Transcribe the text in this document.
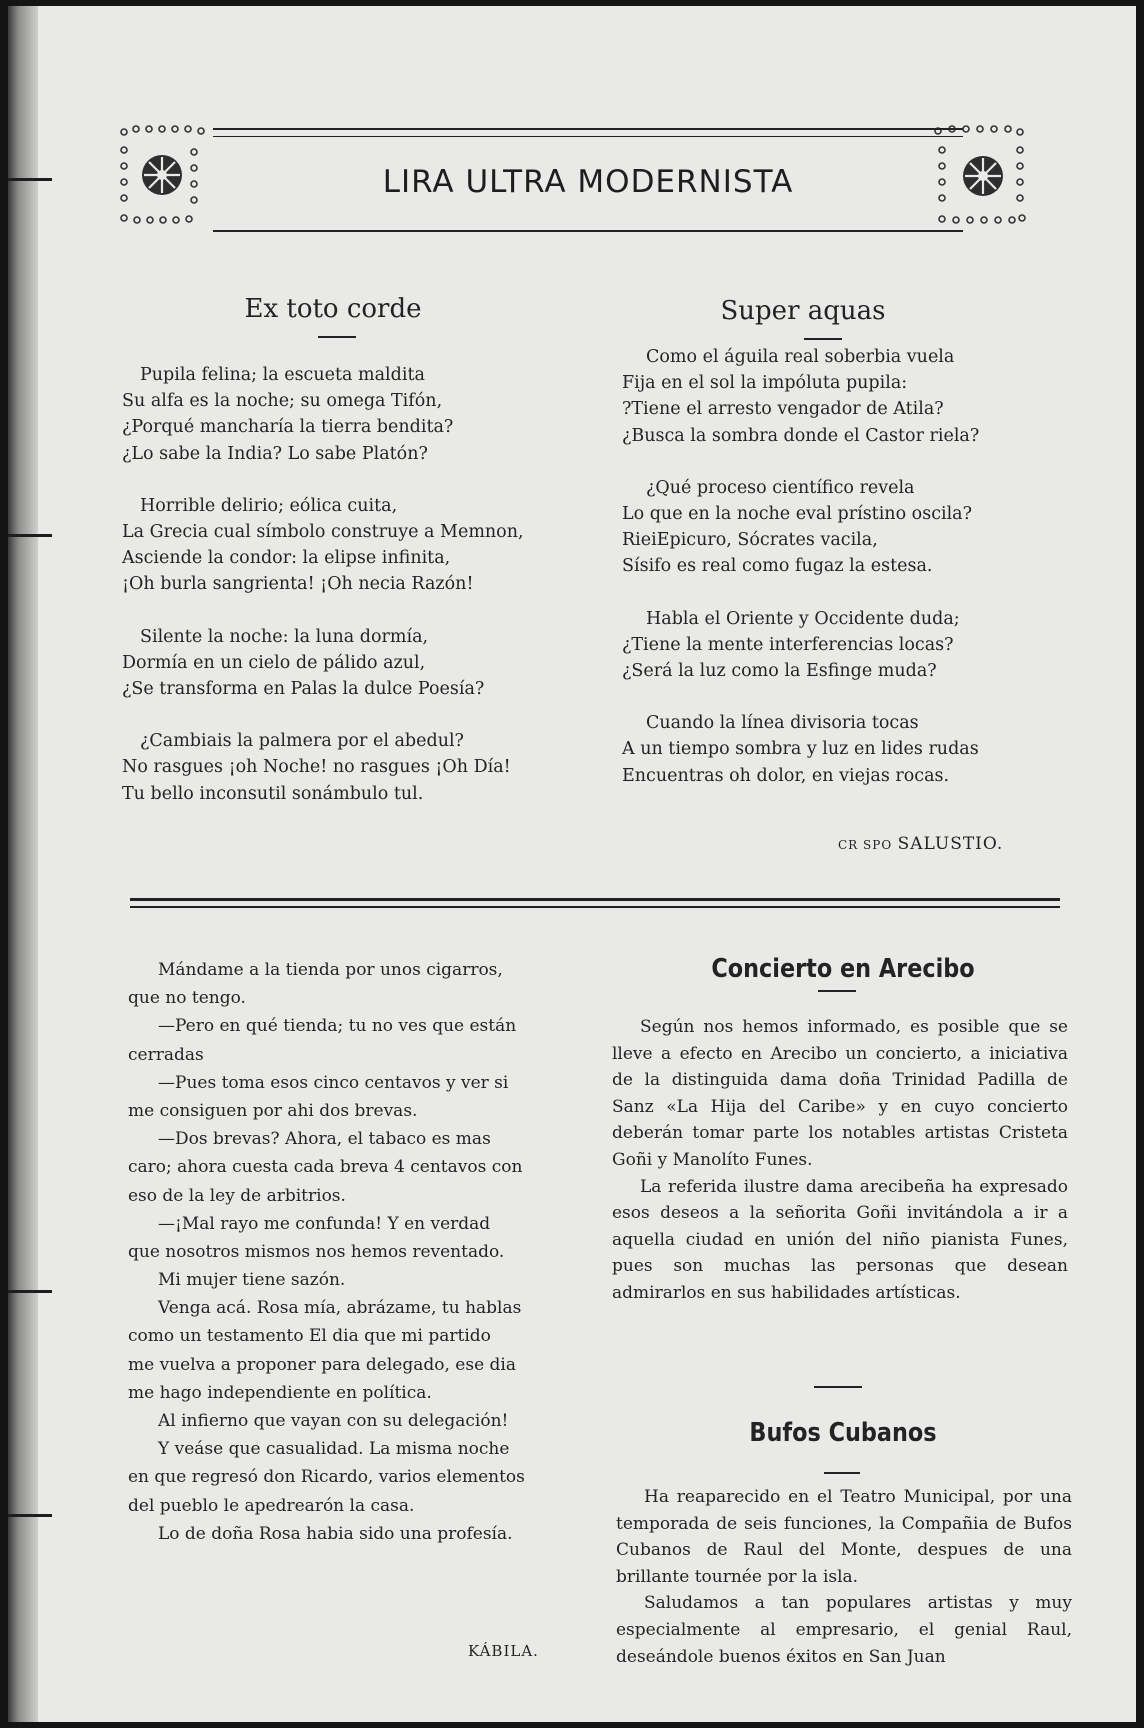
LIRA ULTRA MODERNISTA
Ex toto corde
Pupila felina; la escueta maldita
Su alfa es la noche; su omega Tifón,
¿Porqué mancharía la tierra bendita?
¿Lo sabe la India? Lo sabe Platón?
Horrible delirio; eólica cuita,
La Grecia cual símbolo construye a Memnon,
Asciende la condor: la elipse infinita,
¡Oh burla sangrienta! ¡Oh necia Razón!
Silente la noche: la luna dormía,
Dormía en un cielo de pálido azul,
¿Se transforma en Palas la dulce Poesía?
¿Cambiais la palmera por el abedul?
No rasgues ¡oh Noche! no rasgues ¡Oh Día!
Tu bello inconsutil sonámbulo tul.
Super aquas
Como el águila real soberbia vuela
Fija en el sol la impóluta pupila:
?Tiene el arresto vengador de Atila?
¿Busca la sombra donde el Castor riela?
¿Qué proceso científico revela
Lo que en la noche eval prístino oscila?
RieiEpicuro, Sócrates vacila,
Sísifo es real como fugaz la estesa.
Habla el Oriente y Occidente duda;
¿Tiene la mente interferencias locas?
¿Será la luz como la Esfinge muda?
Cuando la línea divisoria tocas
A un tiempo sombra y luz en lides rudas
Encuentras oh dolor, en viejas rocas.
CR SPO SALUSTIO.
Mándame a la tienda por unos cigarros,
que no tengo.
—Pero en qué tienda; tu no ves que están
cerradas
—Pues toma esos cinco centavos y ver si
me consiguen por ahi dos brevas.
—Dos brevas? Ahora, el tabaco es mas
caro; ahora cuesta cada breva 4 centavos con
eso de la ley de arbitrios.
—¡Mal rayo me confunda! Y en verdad
que nosotros mismos nos hemos reventado.
Mi mujer tiene sazón.
Venga acá. Rosa mía, abrázame, tu hablas
como un testamento El dia que mi partido
me vuelva a proponer para delegado, ese dia
me hago independiente en política.
Al infierno que vayan con su delegación!
Y veáse que casualidad. La misma noche
en que regresó don Ricardo, varios elementos
del pueblo le apedrearón la casa.
Lo de doña Rosa habia sido una profesía.
KÁBILA.
Concierto en Arecibo

Según nos hemos informado, es posible que se lleve a efecto en Arecibo un concierto, a iniciativa de la distinguida dama doña Trinidad Padilla de Sanz «La Hija del Caribe» y en cuyo concierto deberán tomar parte los notables artistas Cristeta Goñi y Manolíto Funes.

La referida ilustre dama arecibeña ha expresado esos deseos a la señorita Goñi invitándola a ir a aquella ciudad en unión del niño pianista Funes, pues son muchas las personas que desean admirarlos en sus habilidades artísticas.

Bufos Cubanos

Ha reaparecido en el Teatro Municipal, por una temporada de seis funciones, la Compañia de Bufos Cubanos de Raul del Monte, despues de una brillante tournée por la isla.

Saludamos a tan populares artistas y muy especialmente al empresario, el genial Raul, deseándole buenos éxitos en San Juan
